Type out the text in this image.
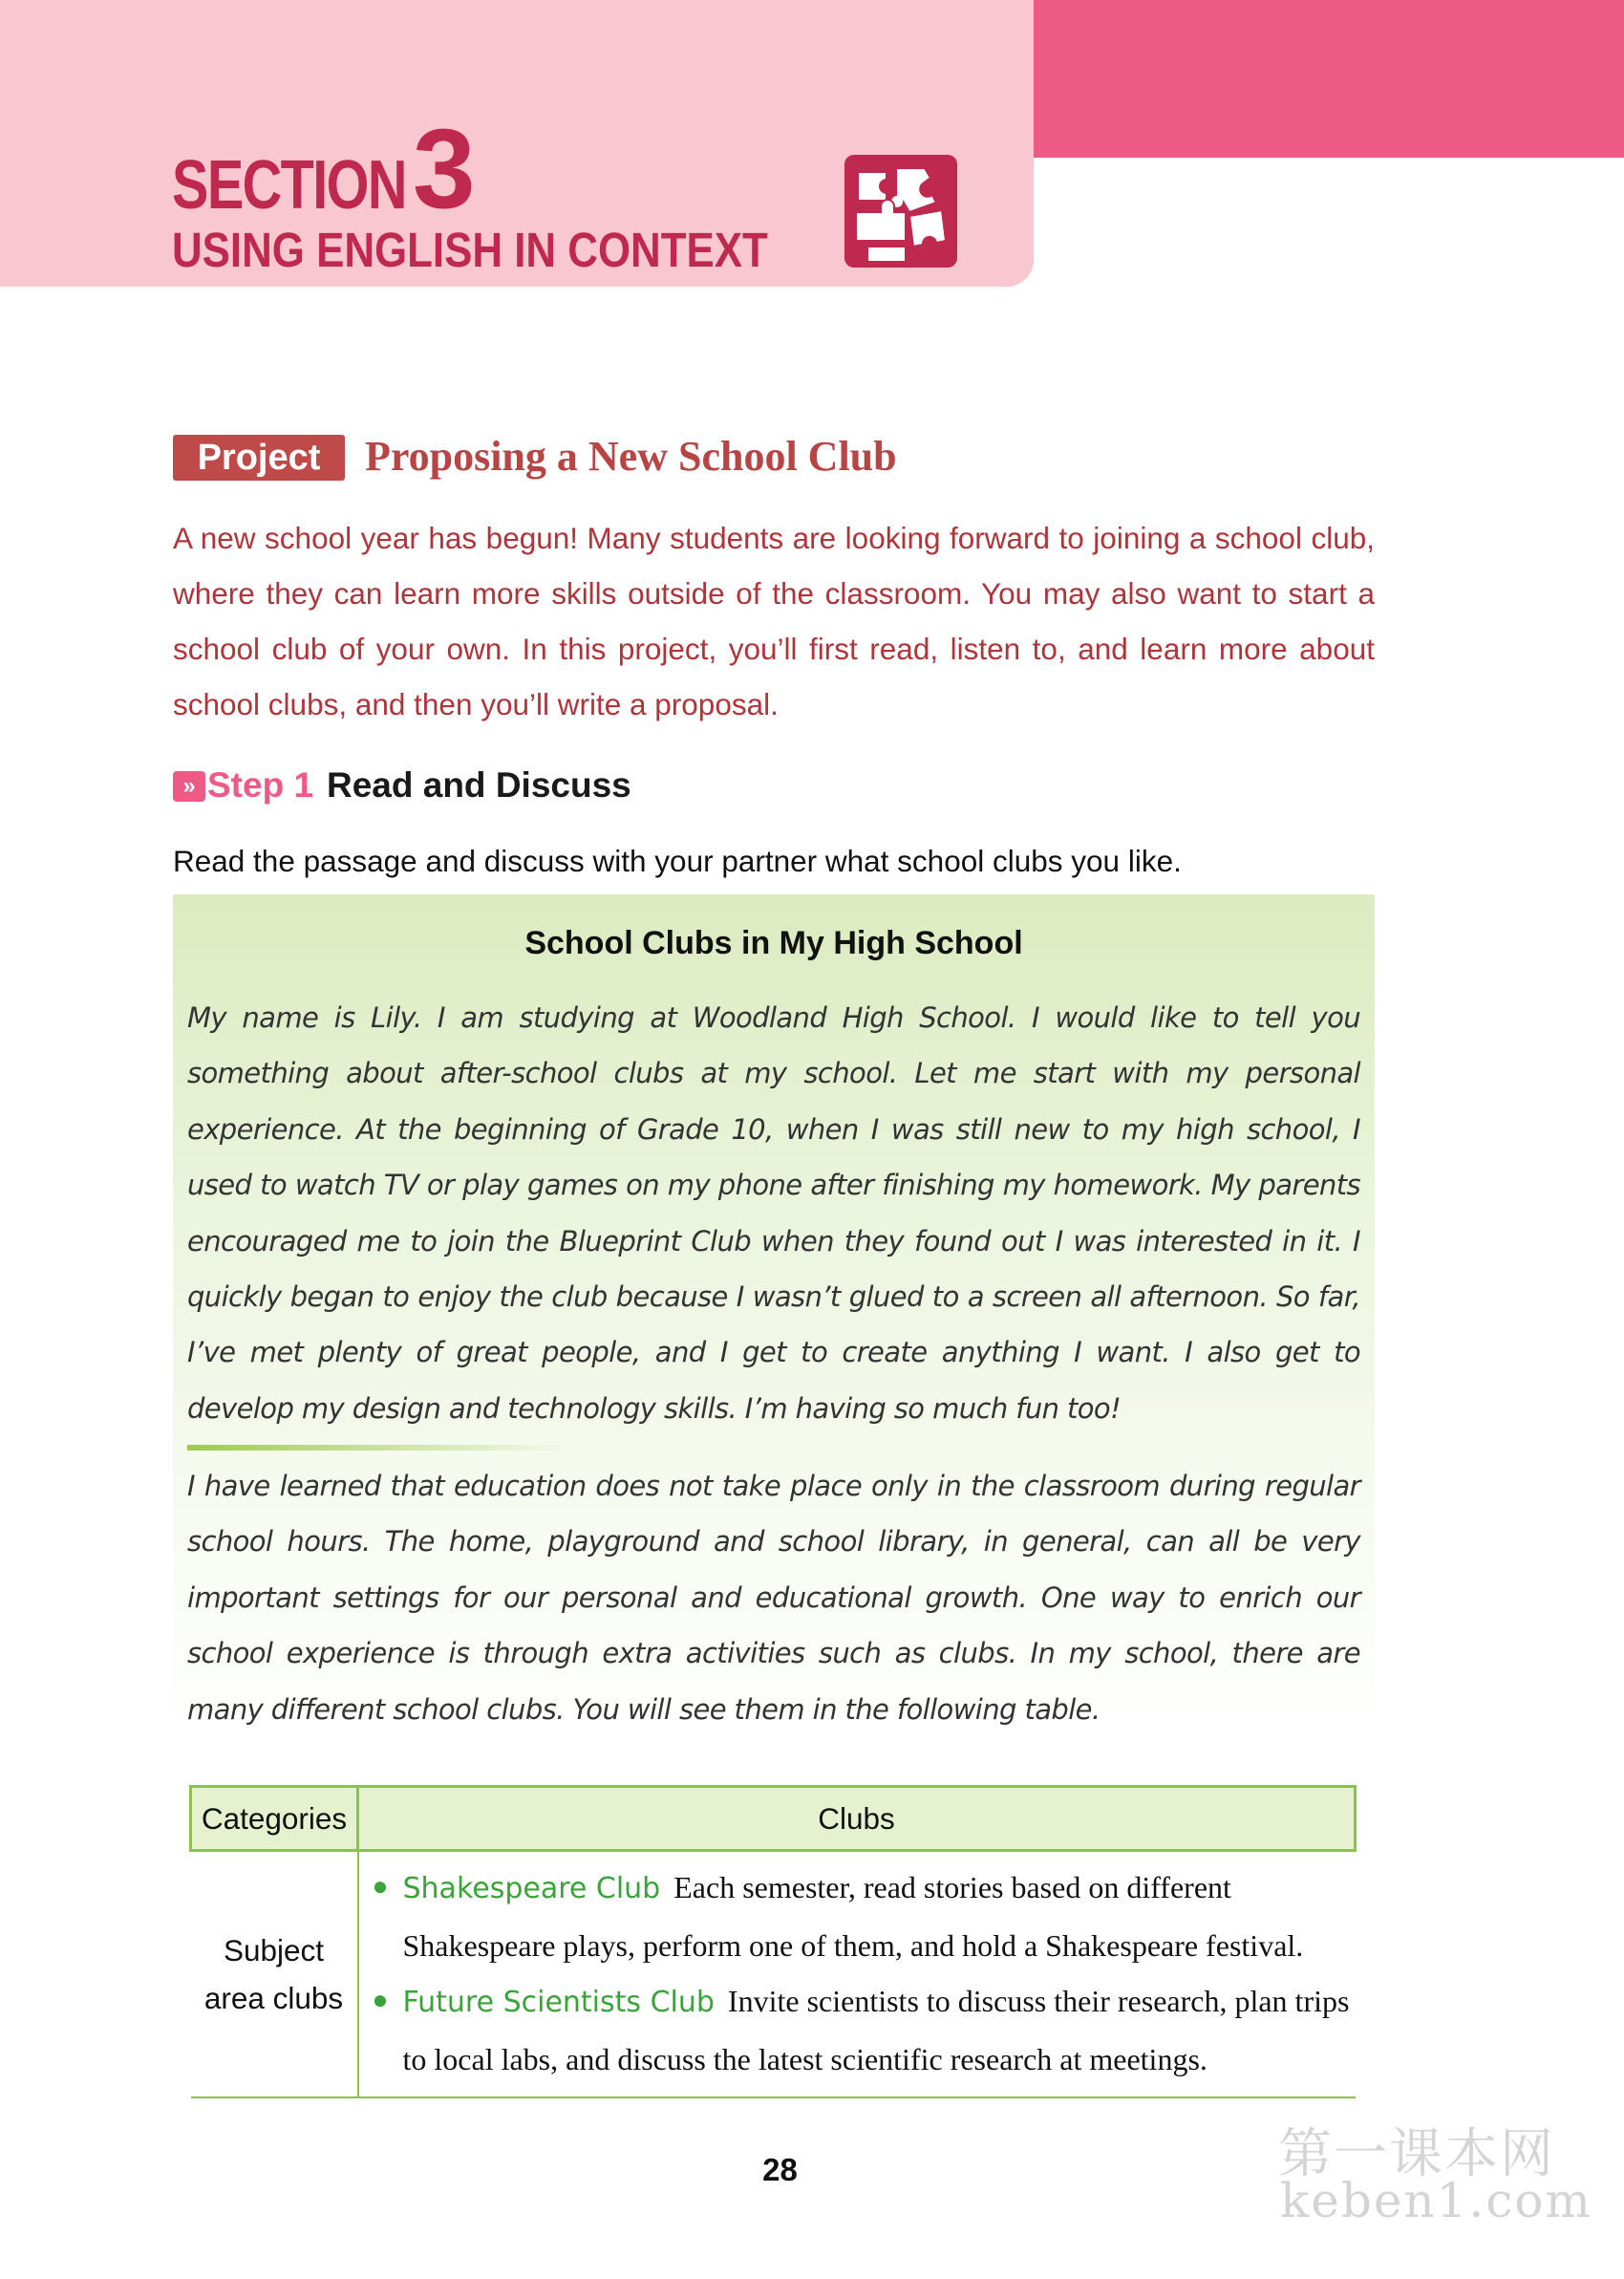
SECTION 3
USING ENGLISH IN CONTEXT
Project	Proposing a New School Club
A new school year has begun! Many students are looking forward to joining a school club, where they can learn more skills outside of the classroom. You may also want to start a school club of your own. In this project, you’ll first read, listen to, and learn more about school clubs, and then you’ll write a proposal.
» Step 1 Read and Discuss
Read the passage and discuss with your partner what school clubs you like.
School Clubs in My High School
My name is Lily. I am studying at Woodland High School. I would like to tell you something about after-school clubs at my school. Let me start with my personal experience. At the beginning of Grade 10, when I was still new to my high school, I used to watch TV or play games on my phone after finishing my homework. My parents encouraged me to join the Blueprint Club when they found out I was interested in it. I quickly began to enjoy the club because I wasn’t glued to a screen all afternoon. So far, I’ve met plenty of great people, and I get to create anything I want. I also get to develop my design and technology skills. I’m having so much fun too!
I have learned that education does not take place only in the classroom during regular school hours. The home, playground and school library, in general, can all be very important settings for our personal and educational growth. One way to enrich our school experience is through extra activities such as clubs. In my school, there are many different school clubs. You will see them in the following table.
Categories	Clubs
Subject area clubs	● Shakespeare Club Each semester, read stories based on different Shakespeare plays, perform one of them, and hold a Shakespeare festival.
● Future Scientists Club Invite scientists to discuss their research, plan trips to local labs, and discuss the latest scientific research at meetings.
28	第一课本网
keben1.com
